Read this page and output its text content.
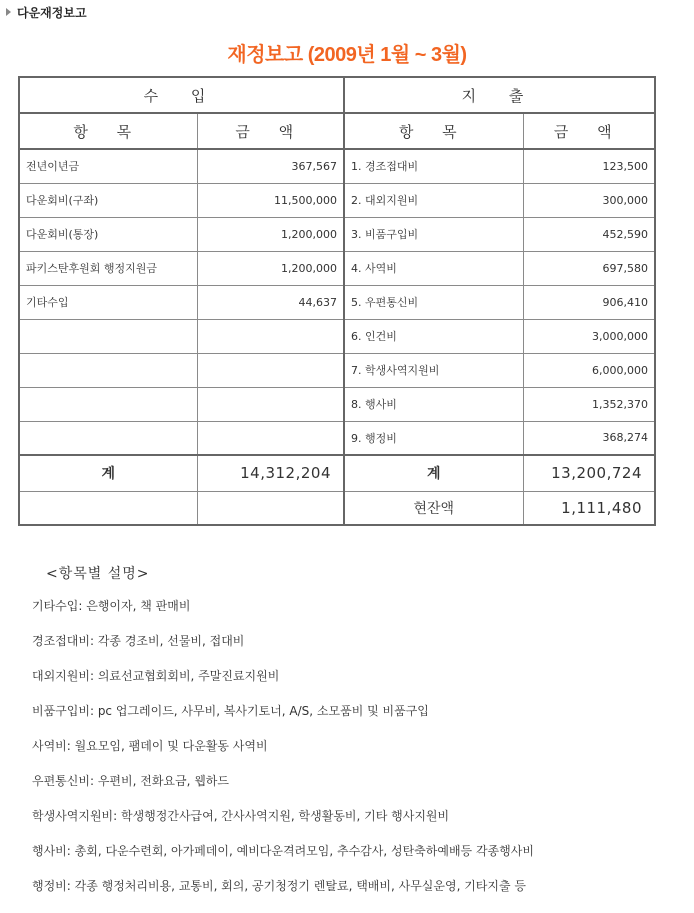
다운재정보고
재정보고 (2009년 1월 ~ 3월)
수 입		지 출	
항 목	금 액	항 목	금 액
전년이년금	367,567	1. 경조접대비	123,500
다운회비(구좌)	11,500,000	2. 대외지원비	300,000
다운회비(통장)	1,200,000	3. 비품구입비	452,590
파키스탄후원회 행정지원금	1,200,000	4. 사역비	697,580
기타수입	44,637	5. 우편통신비	906,410
		6. 인건비	3,000,000
		7. 학생사역지원비	6,000,000
		8. 행사비	1,352,370
		9. 행정비	368,274
계	14,312,204	계	13,200,724
		현잔액	1,111,480
<항목별 설명>
기타수입: 은행이자, 책 판매비
경조접대비: 각종 경조비, 선물비, 접대비
대외지원비: 의료선교협회회비, 주말진료지원비
비품구입비: pc 업그레이드, 사무비, 복사기토너, A/S, 소모품비 및 비품구입
사역비: 월요모임, 팸데이 및 다운활동 사역비
우편통신비: 우편비, 전화요금, 웹하드
학생사역지원비: 학생행정간사급여, 간사사역지원, 학생활동비, 기타 행사지원비
행사비: 총회, 다운수련회, 아가페데이, 예비다운격려모임, 추수감사, 성탄축하예배등 각종행사비
행정비: 각종 행정처리비용, 교통비, 회의, 공기청정기 렌탈료, 택배비, 사무실운영, 기타지출 등
